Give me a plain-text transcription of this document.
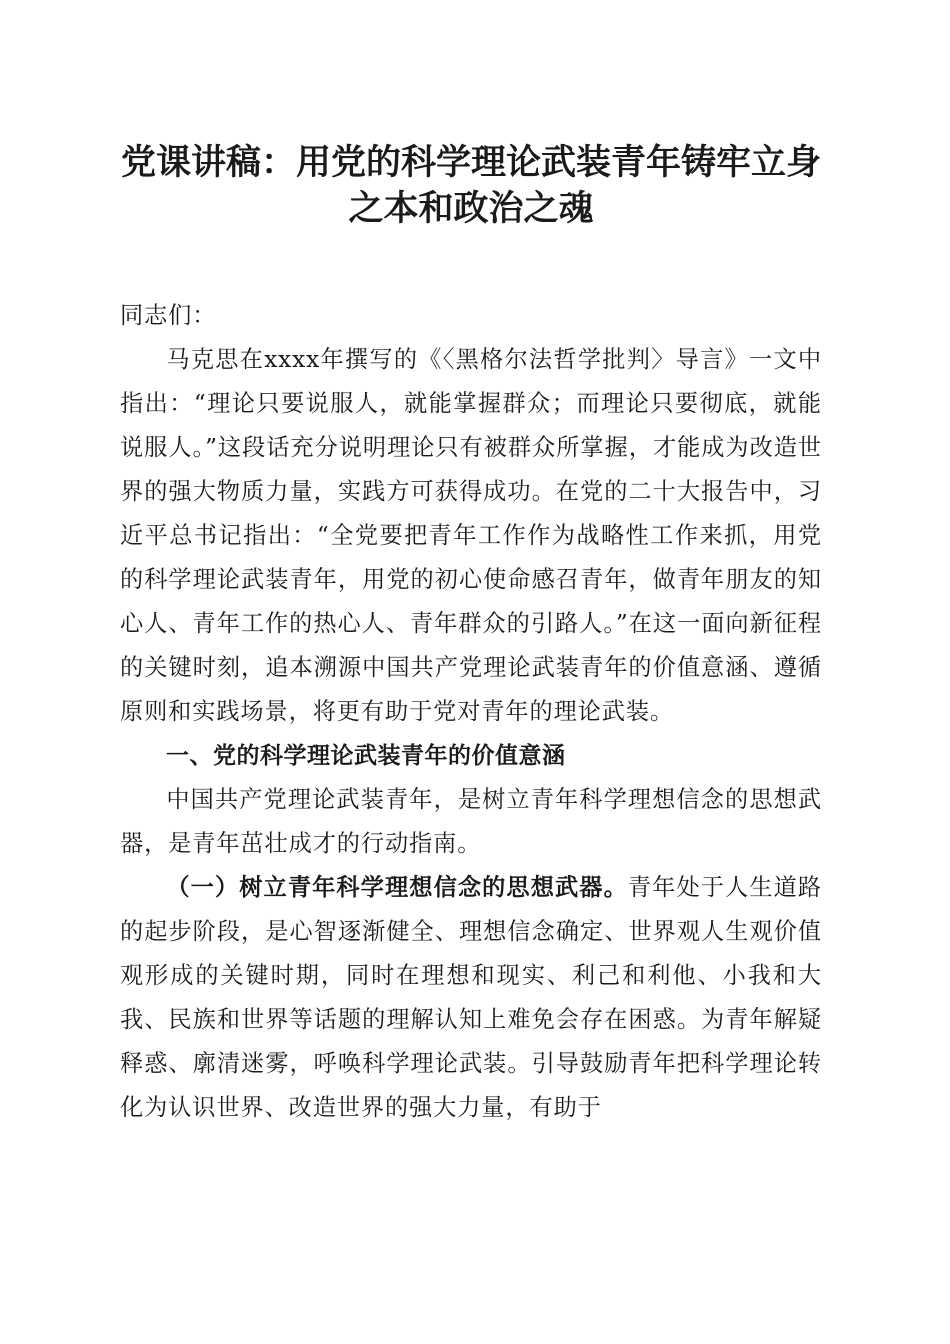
党课讲稿：用党的科学理论武装青年铸牢立身
之本和政治之魂

同志们：

马克思在xxxx年撰写的《〈黑格尔法哲学批判〉导言》一文中指出：“理论只要说服人，就能掌握群众；而理论只要彻底，就能说服人。”这段话充分说明理论只有被群众所掌握，才能成为改造世界的强大物质力量，实践方可获得成功。在党的二十大报告中，习近平总书记指出：“全党要把青年工作作为战略性工作来抓，用党的科学理论武装青年，用党的初心使命感召青年，做青年朋友的知心人、青年工作的热心人、青年群众的引路人。”在这一面向新征程的关键时刻，追本溯源中国共产党理论武装青年的价值意涵、遵循原则和实践场景，将更有助于党对青年的理论武装。

一、党的科学理论武装青年的价值意涵

中国共产党理论武装青年，是树立青年科学理想信念的思想武器，是青年茁壮成才的行动指南。

（一）树立青年科学理想信念的思想武器。青年处于人生道路的起步阶段，是心智逐渐健全、理想信念确定、世界观人生观价值观形成的关键时期，同时在理想和现实、利己和利他、小我和大我、民族和世界等话题的理解认知上难免会存在困惑。为青年解疑释惑、廓清迷雾，呼唤科学理论武装。引导鼓励青年把科学理论转化为认识世界、改造世界的强大力量，有助于
